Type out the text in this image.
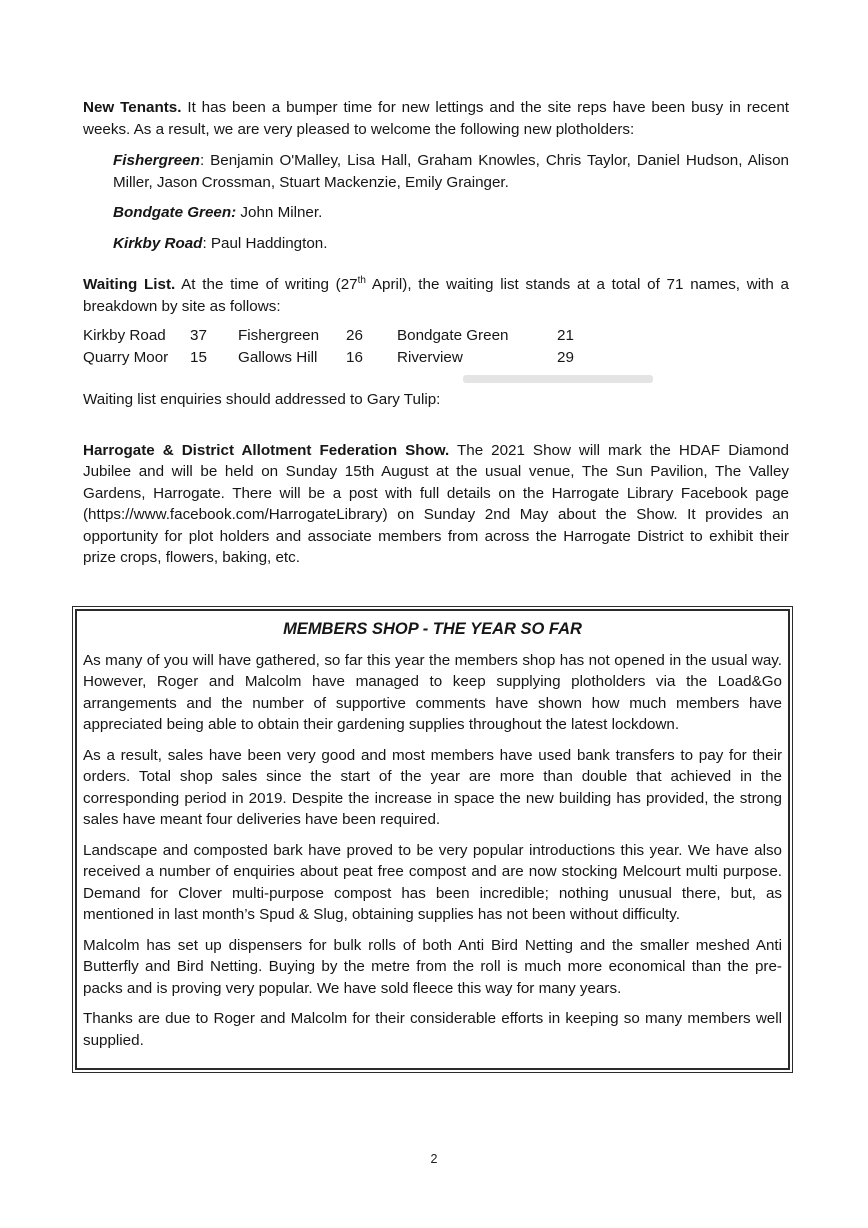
New Tenants. It has been a bumper time for new lettings and the site reps have been busy in recent weeks. As a result, we are very pleased to welcome the following new plotholders:

Fishergreen: Benjamin O'Malley, Lisa Hall, Graham Knowles, Chris Taylor, Daniel Hudson, Alison Miller, Jason Crossman, Stuart Mackenzie, Emily Grainger.

Bondgate Green: John Milner.

Kirkby Road: Paul Haddington.

Waiting List. At the time of writing (27th April), the waiting list stands at a total of 71 names, with a breakdown by site as follows:

Kirkby Road	37	Fishergreen	26	Bondgate Green	21
Quarry Moor	15	Gallows Hill	16	Riverview	29

Waiting list enquiries should addressed to Gary Tulip:

Harrogate & District Allotment Federation Show. The 2021 Show will mark the HDAF Diamond Jubilee and will be held on Sunday 15th August at the usual venue, The Sun Pavilion, The Valley Gardens, Harrogate. There will be a post with full details on the Harrogate Library Facebook page (https://www.facebook.com/HarrogateLibrary) on Sunday 2nd May about the Show. It provides an opportunity for plot holders and associate members from across the Harrogate District to exhibit their prize crops, flowers, baking, etc.

MEMBERS SHOP - THE YEAR SO FAR

As many of you will have gathered, so far this year the members shop has not opened in the usual way. However, Roger and Malcolm have managed to keep supplying plotholders via the Load&Go arrangements and the number of supportive comments have shown how much members have appreciated being able to obtain their gardening supplies throughout the latest lockdown.

As a result, sales have been very good and most members have used bank transfers to pay for their orders. Total shop sales since the start of the year are more than double that achieved in the corresponding period in 2019. Despite the increase in space the new building has provided, the strong sales have meant four deliveries have been required.

Landscape and composted bark have proved to be very popular introductions this year. We have also received a number of enquiries about peat free compost and are now stocking Melcourt multi purpose. Demand for Clover multi-purpose compost has been incredible; nothing unusual there, but, as mentioned in last month’s Spud & Slug, obtaining supplies has not been without difficulty.

Malcolm has set up dispensers for bulk rolls of both Anti Bird Netting and the smaller meshed Anti Butterfly and Bird Netting. Buying by the metre from the roll is much more economical than the pre-packs and is proving very popular. We have sold fleece this way for many years.

Thanks are due to Roger and Malcolm for their considerable efforts in keeping so many members well supplied.

2
